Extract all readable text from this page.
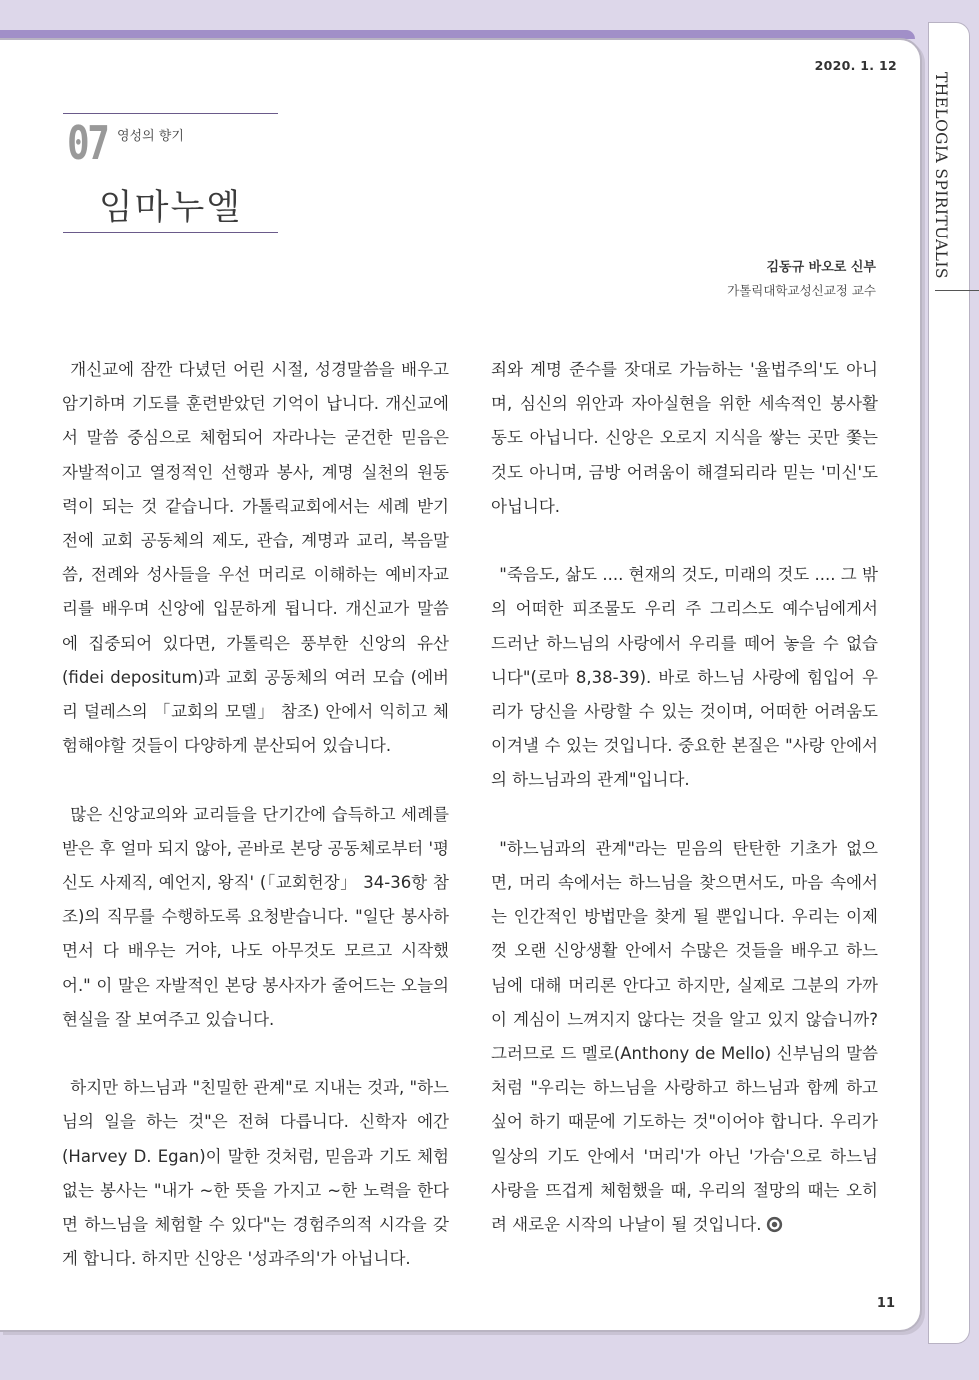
THELOGIA SPIRITUALIS
2020. 1. 12
07 영성의 향기
임마누엘
김동규 바오로 신부
가톨릭대학교성신교정 교수

개신교에 잠깐 다녔던 어린 시절, 성경말씀을 배우고 암기하며 기도를 훈련받았던 기억이 납니다. 개신교에서 말씀 중심으로 체험되어 자라나는 굳건한 믿음은 자발적이고 열정적인 선행과 봉사, 계명 실천의 원동력이 되는 것 같습니다. 가톨릭교회에서는 세례 받기 전에 교회 공동체의 제도, 관습, 계명과 교리, 복음말씀, 전례와 성사들을 우선 머리로 이해하는 예비자교리를 배우며 신앙에 입문하게 됩니다. 개신교가 말씀에 집중되어 있다면, 가톨릭은 풍부한 신앙의 유산(fidei depositum)과 교회 공동체의 여러 모습 (에버리 덜레스의 「교회의 모델」 참조) 안에서 익히고 체험해야할 것들이 다양하게 분산되어 있습니다.

많은 신앙교의와 교리들을 단기간에 습득하고 세례를 받은 후 얼마 되지 않아, 곧바로 본당 공동체로부터 '평신도 사제직, 예언지, 왕직' (「교회헌장」 34-36항 참조)의 직무를 수행하도록 요청받습니다. "일단 봉사하면서 다 배우는 거야, 나도 아무것도 모르고 시작했어." 이 말은 자발적인 본당 봉사자가 줄어드는 오늘의 현실을 잘 보여주고 있습니다.

하지만 하느님과 "친밀한 관계"로 지내는 것과, "하느님의 일을 하는 것"은 전혀 다릅니다. 신학자 에간(Harvey D. Egan)이 말한 것처럼, 믿음과 기도 체험 없는 봉사는 "내가 ~한 뜻을 가지고 ~한 노력을 한다면 하느님을 체험할 수 있다"는 경험주의적 시각을 갖게 합니다. 하지만 신앙은 '성과주의'가 아닙니다.

죄와 계명 준수를 잣대로 가늠하는 '율법주의'도 아니며, 심신의 위안과 자아실현을 위한 세속적인 봉사활동도 아닙니다. 신앙은 오로지 지식을 쌓는 곳만 쫓는 것도 아니며, 금방 어려움이 해결되리라 믿는 '미신'도 아닙니다.

"죽음도, 삶도 .... 현재의 것도, 미래의 것도 .... 그 밖의 어떠한 피조물도 우리 주 그리스도 예수님에게서 드러난 하느님의 사랑에서 우리를 떼어 놓을 수 없습니다"(로마 8,38-39). 바로 하느님 사랑에 힘입어 우리가 당신을 사랑할 수 있는 것이며, 어떠한 어려움도 이겨낼 수 있는 것입니다. 중요한 본질은 "사랑 안에서의 하느님과의 관계"입니다.

"하느님과의 관계"라는 믿음의 탄탄한 기초가 없으면, 머리 속에서는 하느님을 찾으면서도, 마음 속에서는 인간적인 방법만을 찾게 될 뿐입니다. 우리는 이제껏 오랜 신앙생활 안에서 수많은 것들을 배우고 하느님에 대해 머리론 안다고 하지만, 실제로 그분의 가까이 계심이 느껴지지 않다는 것을 알고 있지 않습니까? 그러므로 드 멜로(Anthony de Mello) 신부님의 말씀처럼 "우리는 하느님을 사랑하고 하느님과 함께 하고 싶어 하기 때문에 기도하는 것"이어야 합니다. 우리가 일상의 기도 안에서 '머리'가 아닌 '가슴'으로 하느님 사랑을 뜨겁게 체험했을 때, 우리의 절망의 때는 오히려 새로운 시작의 나날이 될 것입니다.

11
